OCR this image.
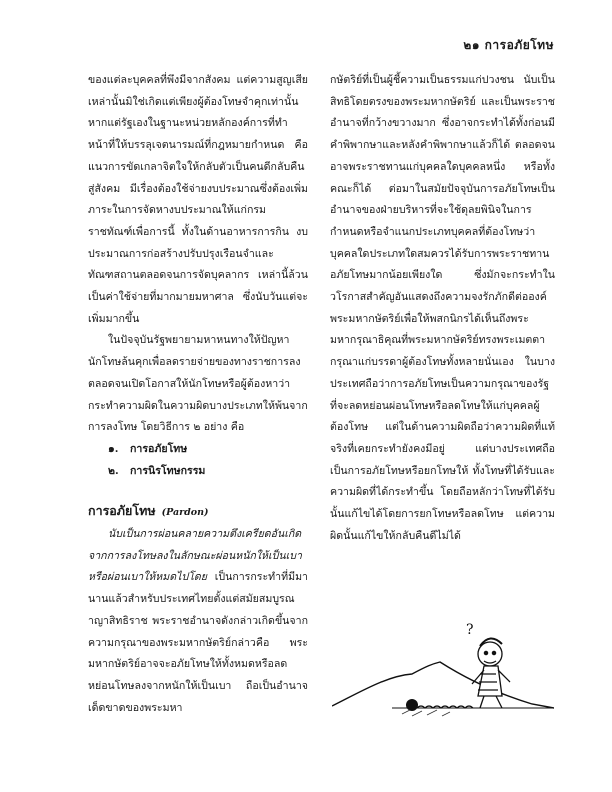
๒๑ การอภัยโทษ

ของแต่ละบุคคลที่พึงมีจากสังคม แต่ความสูญเสียเหล่านั้นมิใช่เกิดแต่เพียงผู้ต้องโทษจำคุกเท่านั้น หากแต่รัฐเองในฐานะหน่วยหลักองค์การที่ทำหน้าที่ให้บรรลุเจตนารมณ์ที่กฎหมายกำหนด คือแนวการขัดเกลาจิตใจให้กลับตัวเป็นคนดีกลับคืนสู่สังคม มีเรื่องต้องใช้จ่ายงบประมาณซึ่งต้องเพิ่มภาระในการจัดหางบประมาณให้แก่กรมราชทัณฑ์เพื่อการนี้ ทั้งในด้านอาหารการกิน งบประมาณการก่อสร้างปรับปรุงเรือนจำและทัณฑสถานตลอดจนการจัดบุคลากร เหล่านี้ล้วนเป็นค่าใช้จ่ายที่มากมายมหาศาล ซึ่งนับวันแต่จะเพิ่มมากขึ้น

ในปัจจุบันรัฐพยายามหาหนทางให้ปัญหานักโทษล้นคุกเพื่อลดรายจ่ายของทางราชการลง ตลอดจนเปิดโอกาสให้นักโทษหรือผู้ต้องหาว่ากระทำความผิดในความผิดบางประเภทให้พ้นจากการลงโทษ โดยวิธีการ ๒ อย่าง คือ

๑. การอภัยโทษ

๒. การนิรโทษกรรม

การอภัยโทษ (Pardon)

นับเป็นการผ่อนคลายความตึงเครียดอันเกิดจากการลงโทษลงในลักษณะผ่อนหนักให้เป็นเบา หรือผ่อนเบาให้หมดไปโดย เป็นการกระทำที่มีมานานแล้วสำหรับประเทศไทยตั้งแต่สมัยสมบูรณาญาสิทธิราช พระราชอำนาจดังกล่าวเกิดขึ้นจากความกรุณาของพระมหากษัตริย์กล่าวคือ พระมหากษัตริย์อาจจะอภัยโทษให้ทั้งหมดหรือลดหย่อนโทษลงจากหนักให้เป็นเบา ถือเป็นอำนาจเด็ดขาดของพระมหา

กษัตริย์ที่เป็นผู้ชี้ความเป็นธรรมแก่ปวงชน นับเป็นสิทธิโดยตรงของพระมหากษัตริย์ และเป็นพระราชอำนาจที่กว้างขวางมาก ซึ่งอาจกระทำได้ทั้งก่อนมีคำพิพากษาและหลังคำพิพากษาแล้วก็ได้ ตลอดจนอาจพระราชทานแก่บุคคลใดบุคคลหนึ่ง หรือทั้งคณะก็ได้ ต่อมาในสมัยปัจจุบันการอภัยโทษเป็นอำนาจของฝ่ายบริหารที่จะใช้ดุลยพินิจในการกำหนดหรือจำแนกประเภทบุคคลที่ต้องโทษว่าบุคคลใดประเภทใดสมควรได้รับการพระราชทานอภัยโทษมากน้อยเพียงใด ซึ่งมักจะกระทำในวโรกาสสำคัญอันแสดงถึงความจงรักภักดีต่อองค์พระมหากษัตริย์เพื่อให้พสกนิกรได้เห็นถึงพระมหากรุณาธิคุณที่พระมหากษัตริย์ทรงพระเมตตากรุณาแก่บรรดาผู้ต้องโทษทั้งหลายนั่นเอง ในบางประเทศถือว่าการอภัยโทษเป็นความกรุณาของรัฐที่จะลดหย่อนผ่อนโทษหรือลดโทษให้แก่บุคคลผู้ต้องโทษ แต่ในด้านความผิดถือว่าความผิดที่แท้จริงที่เคยกระทำยังคงมีอยู่ แต่บางประเทศถือเป็นการอภัยโทษหรือยกโทษให้ ทั้งโทษที่ได้รับและความผิดที่ได้กระทำขึ้น โดยถือหลักว่าโทษที่ได้รับนั้นแก้ไขได้โดยการยกโทษหรือลดโทษ แต่ความผิดนั้นแก้ไขให้กลับคืนดีไม่ได้

?
